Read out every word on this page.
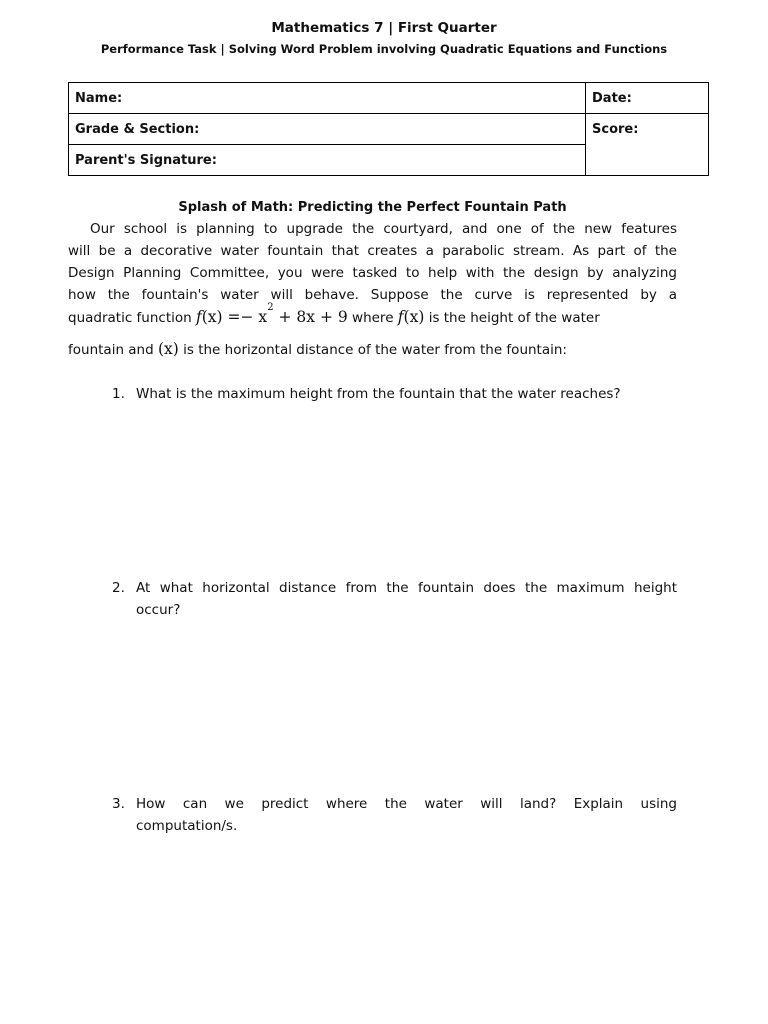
Mathematics 7 | First Quarter
Performance Task | Solving Word Problem involving Quadratic Equations and Functions
Name:	Date:
Grade & Section:	Score:
Parent's Signature:	
Splash of Math: Predicting the Perfect Fountain Path
Our school is planning to upgrade the courtyard, and one of the new features
will be a decorative water fountain that creates a parabolic stream. As part of the
Design Planning Committee, you were tasked to help with the design by analyzing
how the fountain's water will behave. Suppose the curve is represented by a
quadratic function $f(x) =- x^2 + 8x + 9$ where f(x) is the height of the water
fountain and (x) is the horizontal distance of the water from the fountain:
1. What is the maximum height from the fountain that the water reaches?
2. At what horizontal distance from the fountain does the maximum height
occur?
3. How can we predict where the water will land? Explain using
computation/s.
